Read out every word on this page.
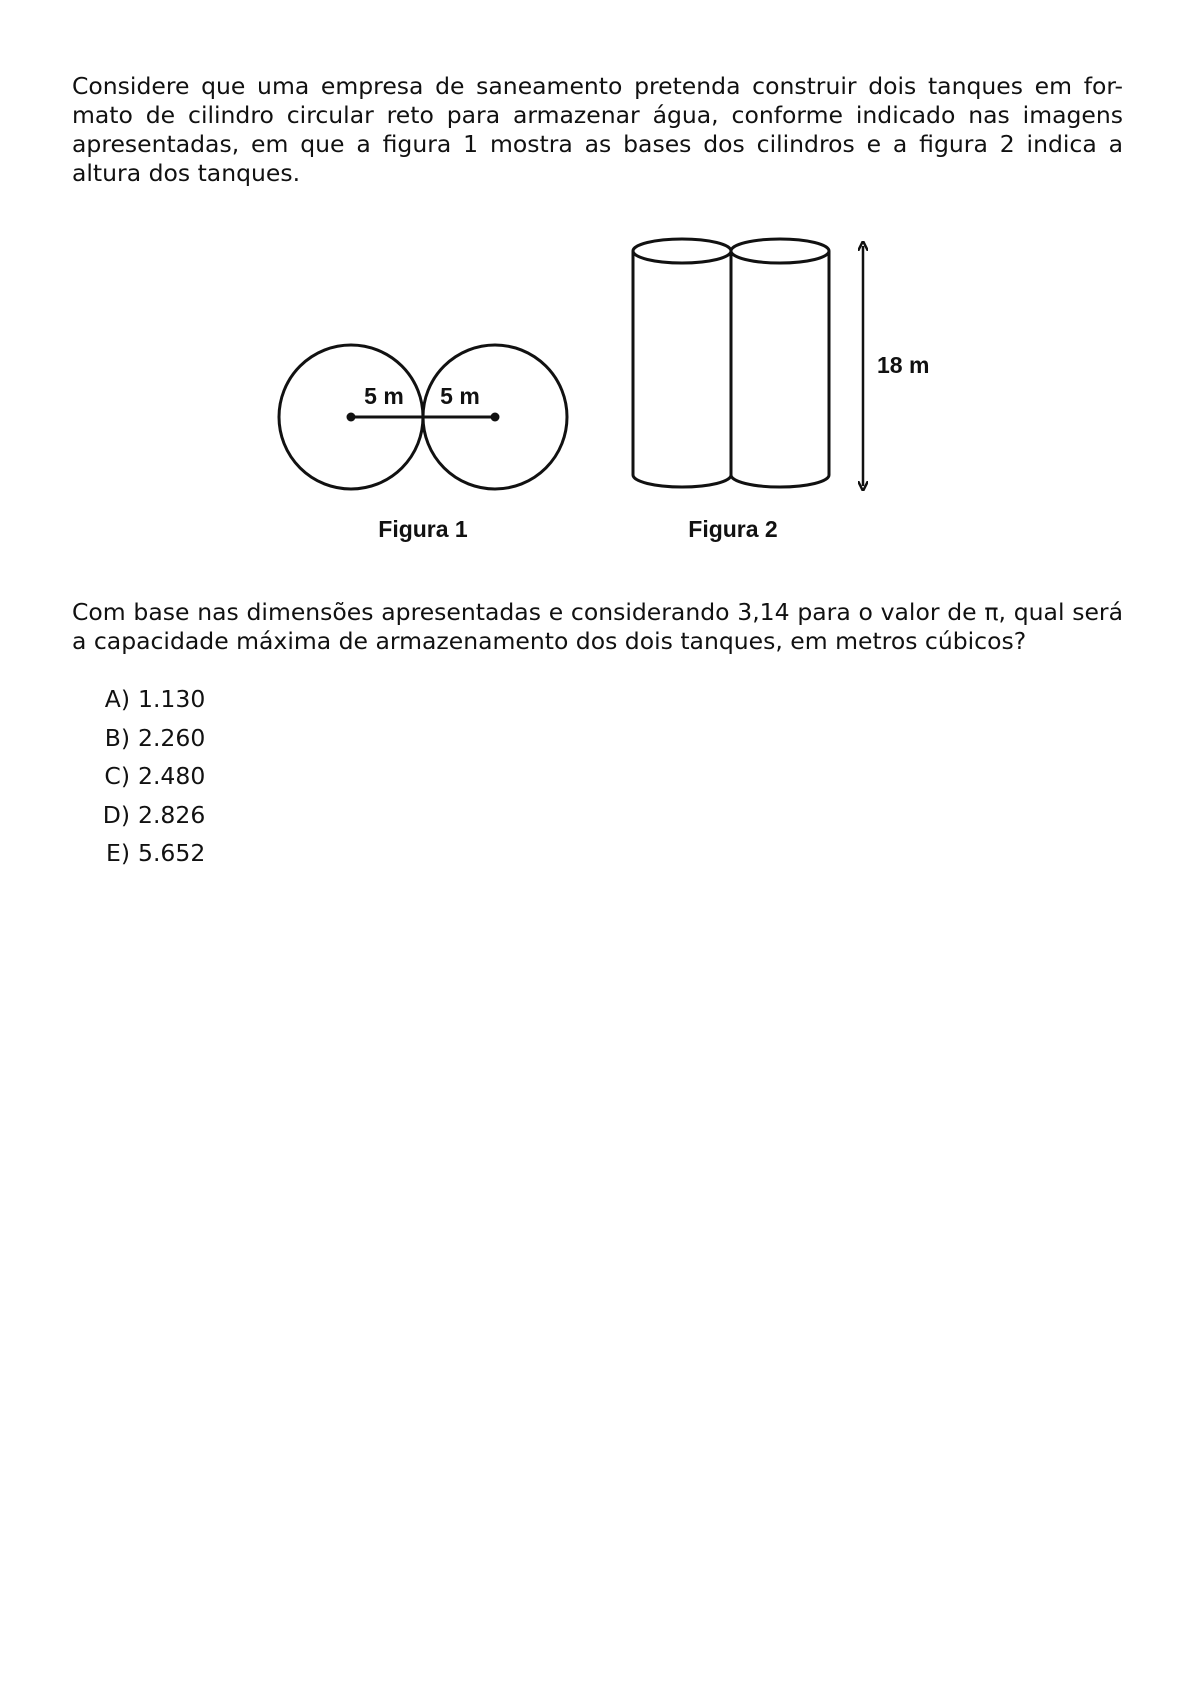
Considere que uma empresa de saneamento pretenda construir dois tanques em for-mato de cilindro circular reto para armazenar água, conforme indicado nas imagens apresentadas, em que a figura 1 mostra as bases dos cilindros e a figura 2 indica a altura dos tanques.

5 m 5 m
Figura 1
18 m
Figura 2

Com base nas dimensões apresentadas e considerando 3,14 para o valor de π, qual será a capacidade máxima de armazenamento dos dois tanques, em metros cúbicos?

A) 1.130
B) 2.260
C) 2.480
D) 2.826
E) 5.652
